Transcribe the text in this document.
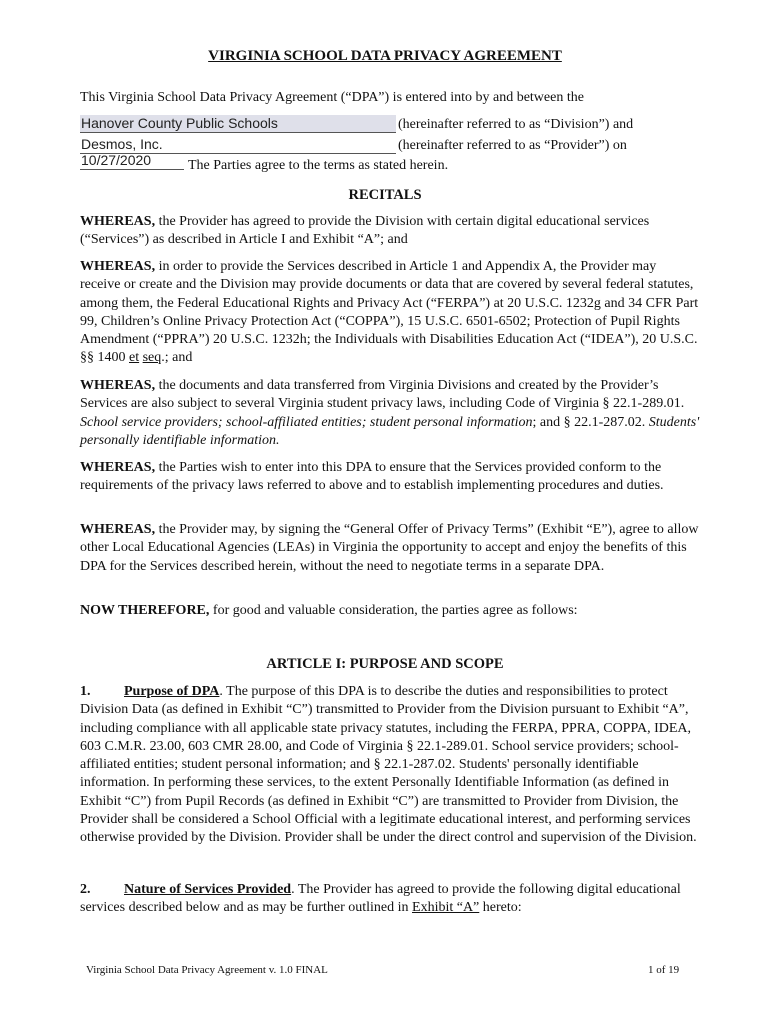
VIRGINIA SCHOOL DATA PRIVACY AGREEMENT
This Virginia School Data Privacy Agreement (“DPA”) is entered into by and between the
Hanover County Public Schools	(hereinafter referred to as “Division”) and
Desmos, Inc.	(hereinafter referred to as “Provider”) on
10/27/2020	The Parties agree to the terms as stated herein.
RECITALS
WHEREAS, the Provider has agreed to provide the Division with certain digital educational services (“Services”) as described in Article I and Exhibit “A”; and
WHEREAS, in order to provide the Services described in Article 1 and Appendix A, the Provider may receive or create and the Division may provide documents or data that are covered by several federal statutes, among them, the Federal Educational Rights and Privacy Act (“FERPA”) at 20 U.S.C. 1232g and 34 CFR Part 99, Children’s Online Privacy Protection Act (“COPPA”), 15 U.S.C. 6501-6502; Protection of Pupil Rights Amendment (“PPRA”) 20 U.S.C. 1232h; the Individuals with Disabilities Education Act (“IDEA”), 20 U.S.C. §§ 1400 et seq.; and
WHEREAS, the documents and data transferred from Virginia Divisions and created by the Provider’s Services are also subject to several Virginia student privacy laws, including Code of Virginia § 22.1-289.01. School service providers; school-affiliated entities; student personal information; and § 22.1-287.02. Students' personally identifiable information.
WHEREAS, the Parties wish to enter into this DPA to ensure that the Services provided conform to the requirements of the privacy laws referred to above and to establish implementing procedures and duties.
WHEREAS, the Provider may, by signing the “General Offer of Privacy Terms” (Exhibit “E”), agree to allow other Local Educational Agencies (LEAs) in Virginia the opportunity to accept and enjoy the benefits of this DPA for the Services described herein, without the need to negotiate terms in a separate DPA.
NOW THEREFORE, for good and valuable consideration, the parties agree as follows:
ARTICLE I: PURPOSE AND SCOPE
1. Purpose of DPA. The purpose of this DPA is to describe the duties and responsibilities to protect Division Data (as defined in Exhibit “C”) transmitted to Provider from the Division pursuant to Exhibit “A”, including compliance with all applicable state privacy statutes, including the FERPA, PPRA, COPPA, IDEA, 603 C.M.R. 23.00, 603 CMR 28.00, and Code of Virginia § 22.1-289.01. School service providers; school-affiliated entities; student personal information; and § 22.1-287.02. Students' personally identifiable information. In performing these services, to the extent Personally Identifiable Information (as defined in Exhibit “C”) from Pupil Records (as defined in Exhibit “C”) are transmitted to Provider from Division, the Provider shall be considered a School Official with a legitimate educational interest, and performing services otherwise provided by the Division. Provider shall be under the direct control and supervision of the Division.
2. Nature of Services Provided. The Provider has agreed to provide the following digital educational services described below and as may be further outlined in Exhibit “A” hereto:
Virginia School Data Privacy Agreement v. 1.0 FINAL	1 of 19
